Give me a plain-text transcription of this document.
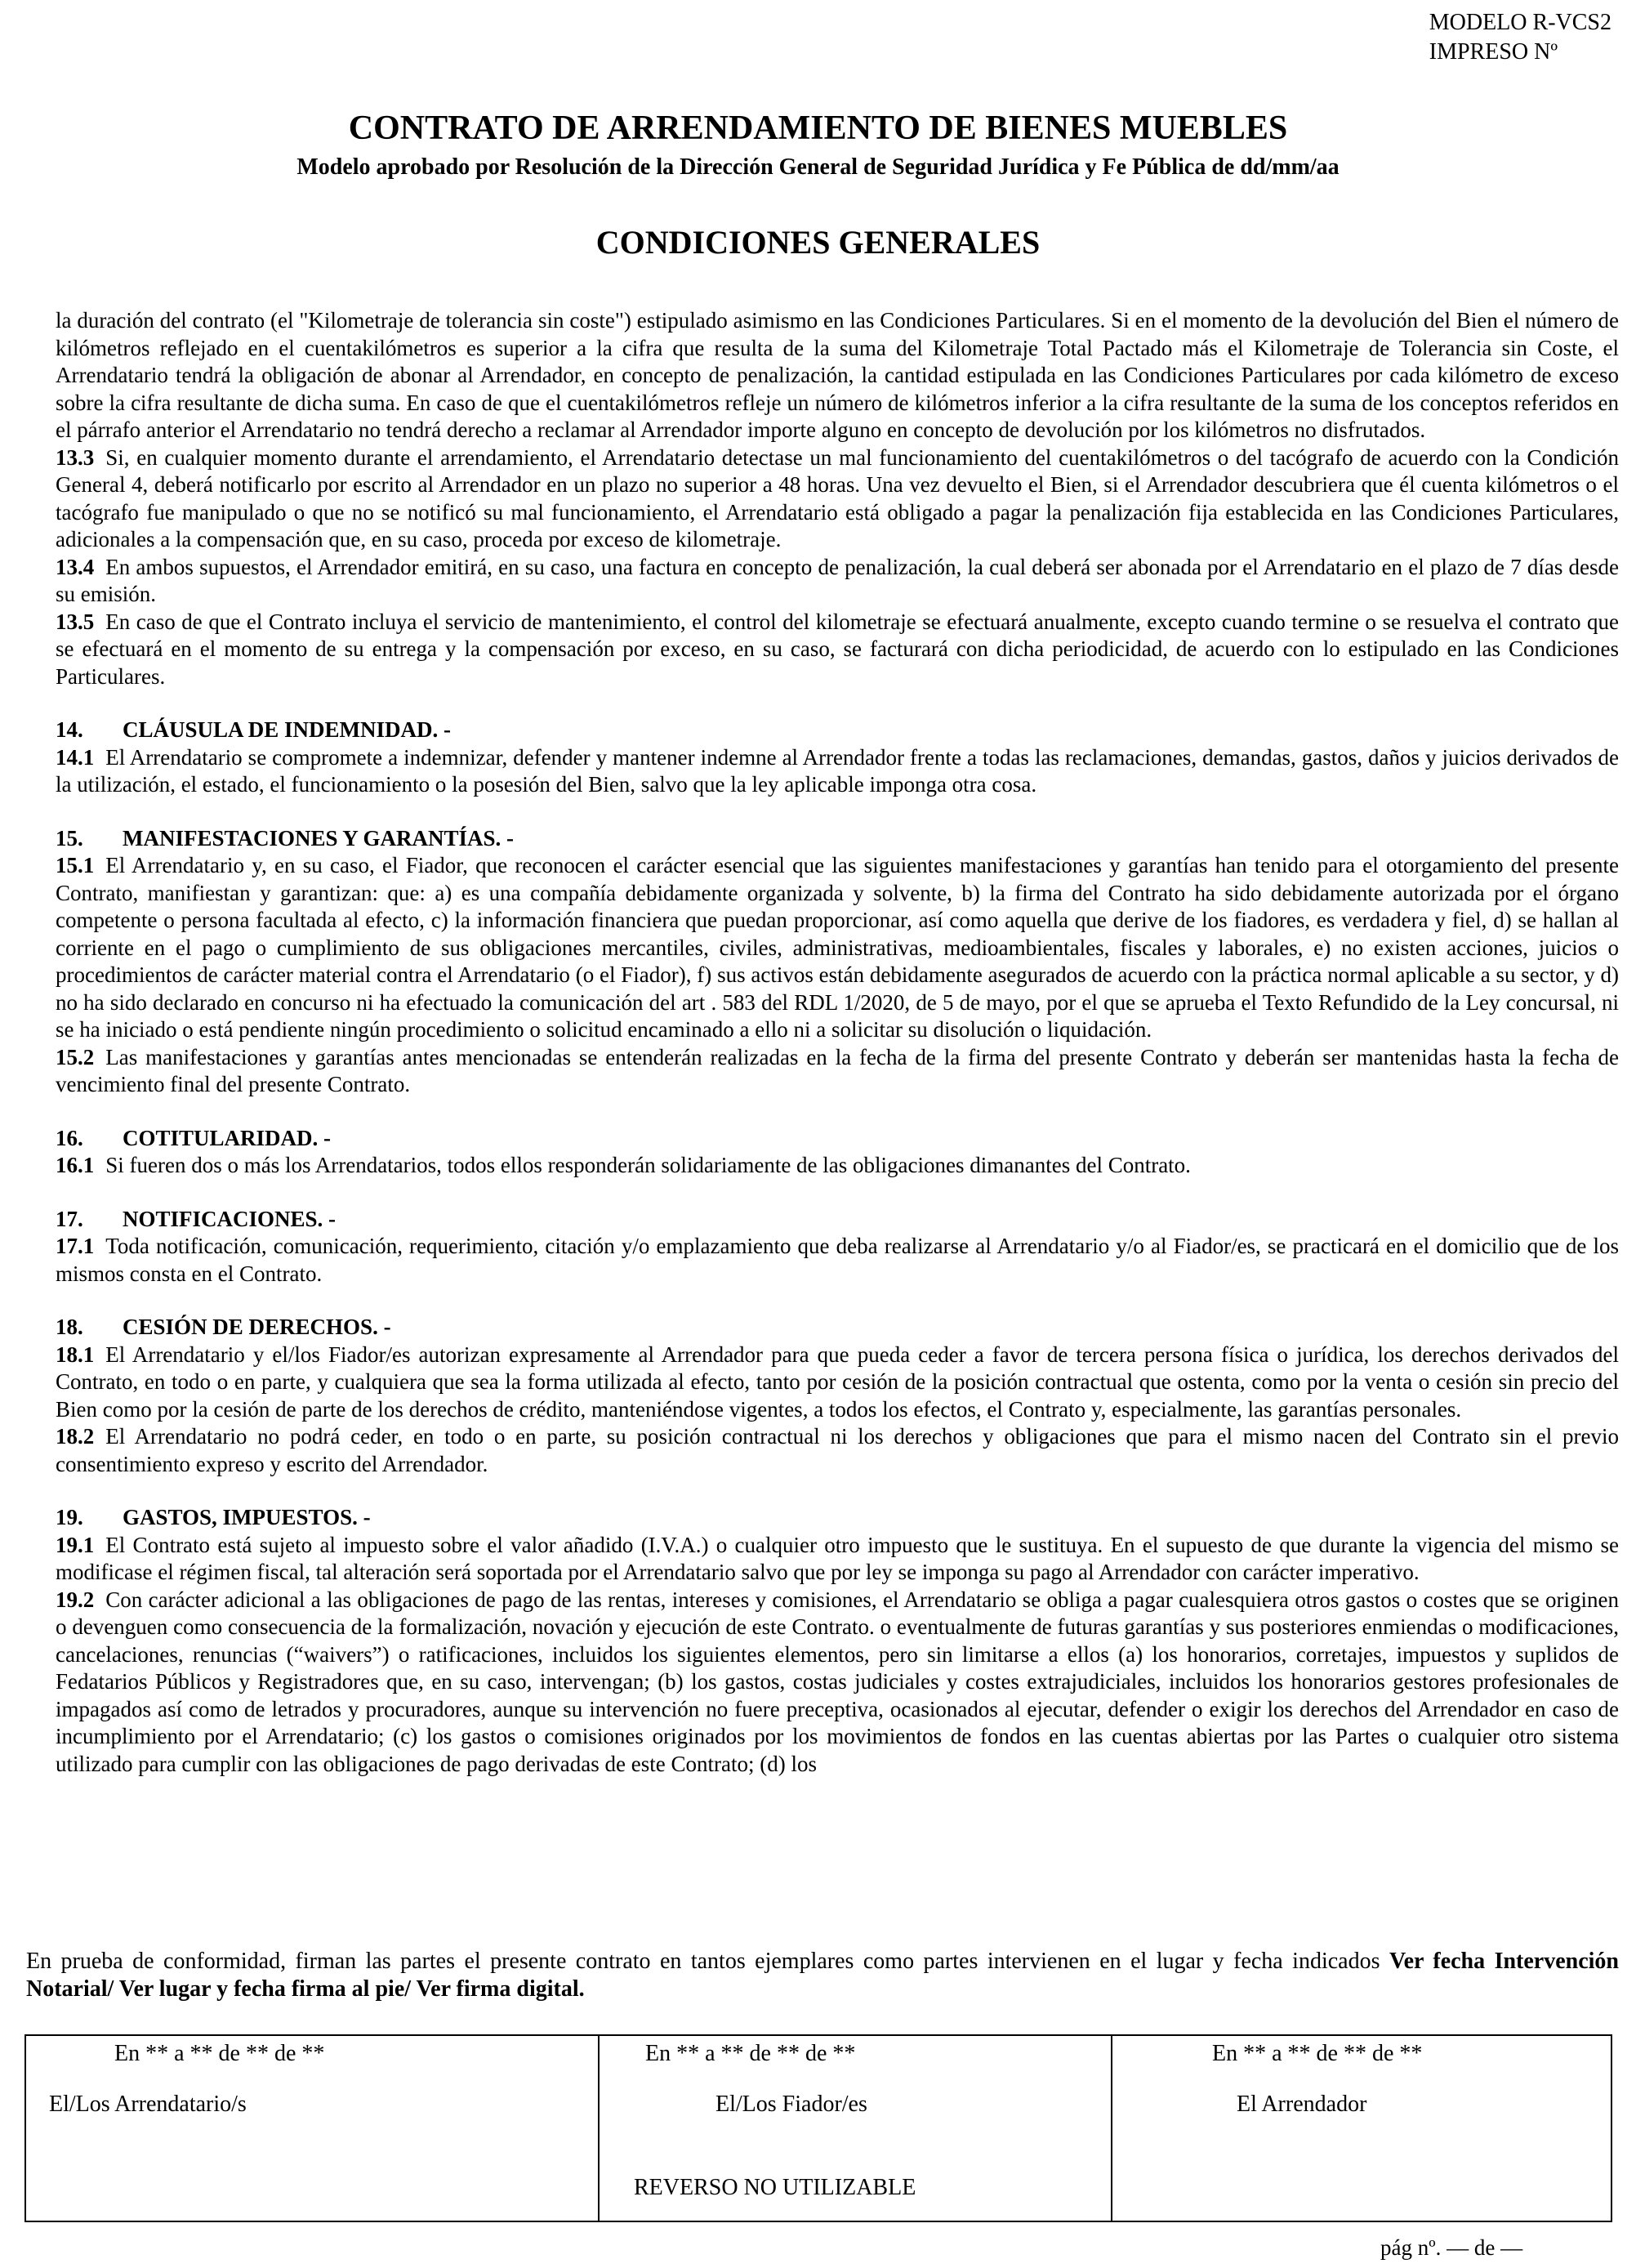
MODELO R-VCS2
IMPRESO Nº
CONTRATO DE ARRENDAMIENTO DE BIENES MUEBLES
Modelo aprobado por Resolución de la Dirección General de Seguridad Jurídica y Fe Pública de dd/mm/aa
CONDICIONES GENERALES

la duración del contrato (el "Kilometraje de tolerancia sin coste") estipulado asimismo en las Condiciones Particulares. Si en el momento de la devolución del Bien el número de kilómetros reflejado en el cuentakilómetros es superior a la cifra que resulta de la suma del Kilometraje Total Pactado más el Kilometraje de Tolerancia sin Coste, el Arrendatario tendrá la obligación de abonar al Arrendador, en concepto de penalización, la cantidad estipulada en las Condiciones Particulares por cada kilómetro de exceso sobre la cifra resultante de dicha suma. En caso de que el cuentakilómetros refleje un número de kilómetros inferior a la cifra resultante de la suma de los conceptos referidos en el párrafo anterior el Arrendatario no tendrá derecho a reclamar al Arrendador importe alguno en concepto de devolución por los kilómetros no disfrutados.

13.3 Si, en cualquier momento durante el arrendamiento, el Arrendatario detectase un mal funcionamiento del cuentakilómetros o del tacógrafo de acuerdo con la Condición General 4, deberá notificarlo por escrito al Arrendador en un plazo no superior a 48 horas. Una vez devuelto el Bien, si el Arrendador descubriera que él cuenta kilómetros o el tacógrafo fue manipulado o que no se notificó su mal funcionamiento, el Arrendatario está obligado a pagar la penalización fija establecida en las Condiciones Particulares, adicionales a la compensación que, en su caso, proceda por exceso de kilometraje.

13.4 En ambos supuestos, el Arrendador emitirá, en su caso, una factura en concepto de penalización, la cual deberá ser abonada por el Arrendatario en el plazo de 7 días desde su emisión.

13.5 En caso de que el Contrato incluya el servicio de mantenimiento, el control del kilometraje se efectuará anualmente, excepto cuando termine o se resuelva el contrato que se efectuará en el momento de su entrega y la compensación por exceso, en su caso, se facturará con dicha periodicidad, de acuerdo con lo estipulado en las Condiciones Particulares.

14. CLÁUSULA DE INDEMNIDAD. -

14.1 El Arrendatario se compromete a indemnizar, defender y mantener indemne al Arrendador frente a todas las reclamaciones, demandas, gastos, daños y juicios derivados de la utilización, el estado, el funcionamiento o la posesión del Bien, salvo que la ley aplicable imponga otra cosa.

15. MANIFESTACIONES Y GARANTÍAS. -

15.1 El Arrendatario y, en su caso, el Fiador, que reconocen el carácter esencial que las siguientes manifestaciones y garantías han tenido para el otorgamiento del presente Contrato, manifiestan y garantizan: que: a) es una compañía debidamente organizada y solvente, b) la firma del Contrato ha sido debidamente autorizada por el órgano competente o persona facultada al efecto, c) la información financiera que puedan proporcionar, así como aquella que derive de los fiadores, es verdadera y fiel, d) se hallan al corriente en el pago o cumplimiento de sus obligaciones mercantiles, civiles, administrativas, medioambientales, fiscales y laborales, e) no existen acciones, juicios o procedimientos de carácter material contra el Arrendatario (o el Fiador), f) sus activos están debidamente asegurados de acuerdo con la práctica normal aplicable a su sector, y d) no ha sido declarado en concurso ni ha efectuado la comunicación del art . 583 del RDL 1/2020, de 5 de mayo, por el que se aprueba el Texto Refundido de la Ley concursal, ni se ha iniciado o está pendiente ningún procedimiento o solicitud encaminado a ello ni a solicitar su disolución o liquidación.

15.2 Las manifestaciones y garantías antes mencionadas se entenderán realizadas en la fecha de la firma del presente Contrato y deberán ser mantenidas hasta la fecha de vencimiento final del presente Contrato.

16. COTITULARIDAD. -

16.1 Si fueren dos o más los Arrendatarios, todos ellos responderán solidariamente de las obligaciones dimanantes del Contrato.

17. NOTIFICACIONES. -

17.1 Toda notificación, comunicación, requerimiento, citación y/o emplazamiento que deba realizarse al Arrendatario y/o al Fiador/es, se practicará en el domicilio que de los mismos consta en el Contrato.

18. CESIÓN DE DERECHOS. -

18.1 El Arrendatario y el/los Fiador/es autorizan expresamente al Arrendador para que pueda ceder a favor de tercera persona física o jurídica, los derechos derivados del Contrato, en todo o en parte, y cualquiera que sea la forma utilizada al efecto, tanto por cesión de la posición contractual que ostenta, como por la venta o cesión sin precio del Bien como por la cesión de parte de los derechos de crédito, manteniéndose vigentes, a todos los efectos, el Contrato y, especialmente, las garantías personales.

18.2 El Arrendatario no podrá ceder, en todo o en parte, su posición contractual ni los derechos y obligaciones que para el mismo nacen del Contrato sin el previo consentimiento expreso y escrito del Arrendador.

19. GASTOS, IMPUESTOS. -

19.1 El Contrato está sujeto al impuesto sobre el valor añadido (I.V.A.) o cualquier otro impuesto que le sustituya. En el supuesto de que durante la vigencia del mismo se modificase el régimen fiscal, tal alteración será soportada por el Arrendatario salvo que por ley se imponga su pago al Arrendador con carácter imperativo.

19.2 Con carácter adicional a las obligaciones de pago de las rentas, intereses y comisiones, el Arrendatario se obliga a pagar cualesquiera otros gastos o costes que se originen o devenguen como consecuencia de la formalización, novación y ejecución de este Contrato. o eventualmente de futuras garantías y sus posteriores enmiendas o modificaciones, cancelaciones, renuncias (“waivers”) o ratificaciones, incluidos los siguientes elementos, pero sin limitarse a ellos (a) los honorarios, corretajes, impuestos y suplidos de Fedatarios Públicos y Registradores que, en su caso, intervengan; (b) los gastos, costas judiciales y costes extrajudiciales, incluidos los honorarios gestores profesionales de impagados así como de letrados y procuradores, aunque su intervención no fuere preceptiva, ocasionados al ejecutar, defender o exigir los derechos del Arrendador en caso de incumplimiento por el Arrendatario; (c) los gastos o comisiones originados por los movimientos de fondos en las cuentas abiertas por las Partes o cualquier otro sistema utilizado para cumplir con las obligaciones de pago derivadas de este Contrato; (d) los

En prueba de conformidad, firman las partes el presente contrato en tantos ejemplares como partes intervienen en el lugar y fecha indicados Ver fecha Intervención Notarial/ Ver lugar y fecha firma al pie/ Ver firma digital.
En ** a ** de ** de **
El/Los Arrendatario/s
En ** a ** de ** de **
El/Los Fiador/es
REVERSO NO UTILIZABLE
En ** a ** de ** de **
El Arrendador
pág nº. — de —
